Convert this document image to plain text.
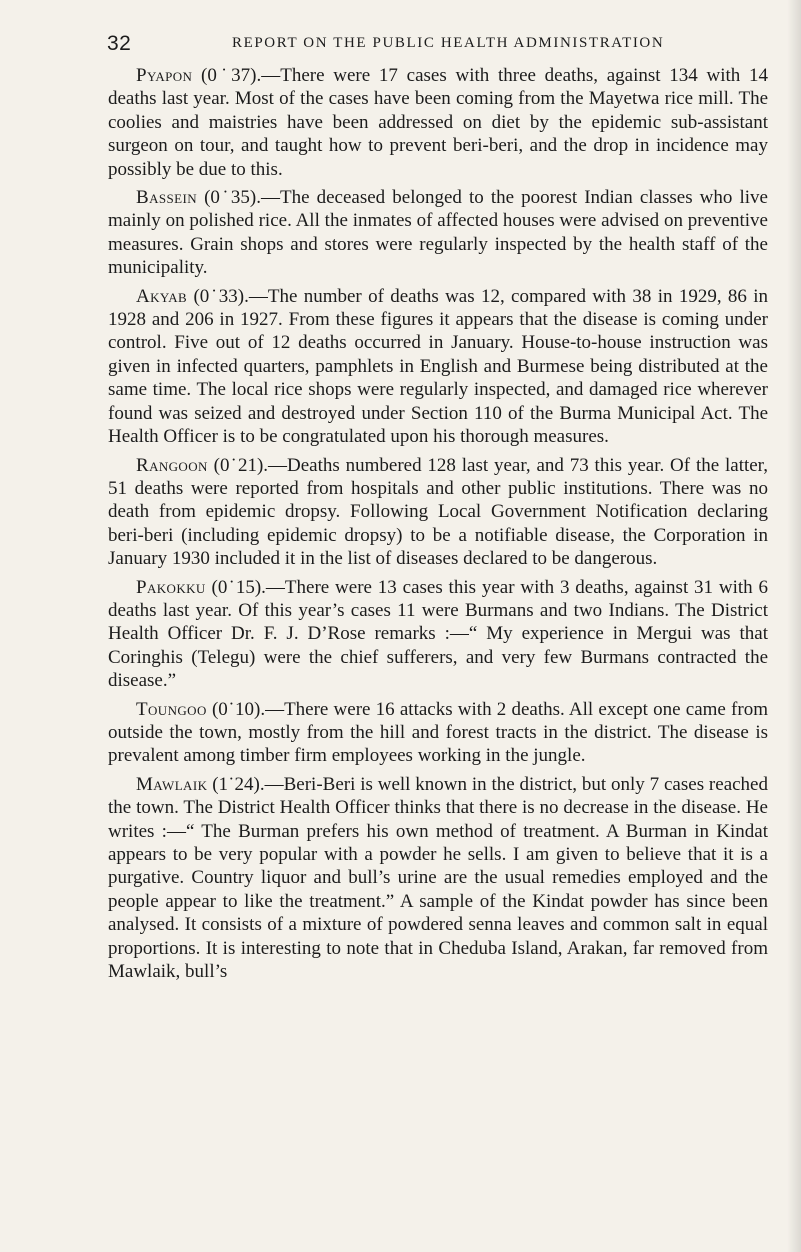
32	REPORT ON THE PUBLIC HEALTH ADMINISTRATION

Pyapon (0˙37).—There were 17 cases with three deaths, against 134 with 14 deaths last year. Most of the cases have been coming from the Mayetwa rice mill. The coolies and maistries have been addressed on diet by the epidemic sub-assistant surgeon on tour, and taught how to prevent beri-beri, and the drop in incidence may possibly be due to this.

Bassein (0˙35).—The deceased belonged to the poorest Indian classes who live mainly on polished rice. All the inmates of affected houses were advised on preventive measures. Grain shops and stores were regularly inspected by the health staff of the municipality.

Akyab (0˙33).—The number of deaths was 12, compared with 38 in 1929, 86 in 1928 and 206 in 1927. From these figures it appears that the disease is coming under control. Five out of 12 deaths occurred in January. House-to-house instruction was given in infected quarters, pamphlets in English and Burmese being distributed at the same time. The local rice shops were regularly inspected, and damaged rice wherever found was seized and destroyed under Section 110 of the Burma Municipal Act. The Health Officer is to be congratulated upon his thorough measures.

Rangoon (0˙21).—Deaths numbered 128 last year, and 73 this year. Of the latter, 51 deaths were reported from hospitals and other public institutions. There was no death from epidemic dropsy. Following Local Government Notification declaring beri-beri (including epidemic dropsy) to be a notifiable disease, the Corporation in January 1930 included it in the list of diseases declared to be dangerous.

Pakokku (0˙15).—There were 13 cases this year with 3 deaths, against 31 with 6 deaths last year. Of this year’s cases 11 were Burmans and two Indians. The District Health Officer Dr. F. J. D’Rose remarks :—“ My experience in Mergui was that Coringhis (Telegu) were the chief sufferers, and very few Burmans contracted the disease.”

Toungoo (0˙10).—There were 16 attacks with 2 deaths. All except one came from outside the town, mostly from the hill and forest tracts in the district. The disease is prevalent among timber firm employees working in the jungle.

Mawlaik (1˙24).—Beri-Beri is well known in the district, but only 7 cases reached the town. The District Health Officer thinks that there is no decrease in the disease. He writes :—“ The Burman prefers his own method of treatment. A Burman in Kindat appears to be very popular with a powder he sells. I am given to believe that it is a purgative. Country liquor and bull’s urine are the usual remedies employed and the people appear to like the treatment.” A sample of the Kindat powder has since been analysed. It consists of a mixture of powdered senna leaves and common salt in equal proportions. It is interesting to note that in Cheduba Island, Arakan, far removed from Mawlaik, bull’s
